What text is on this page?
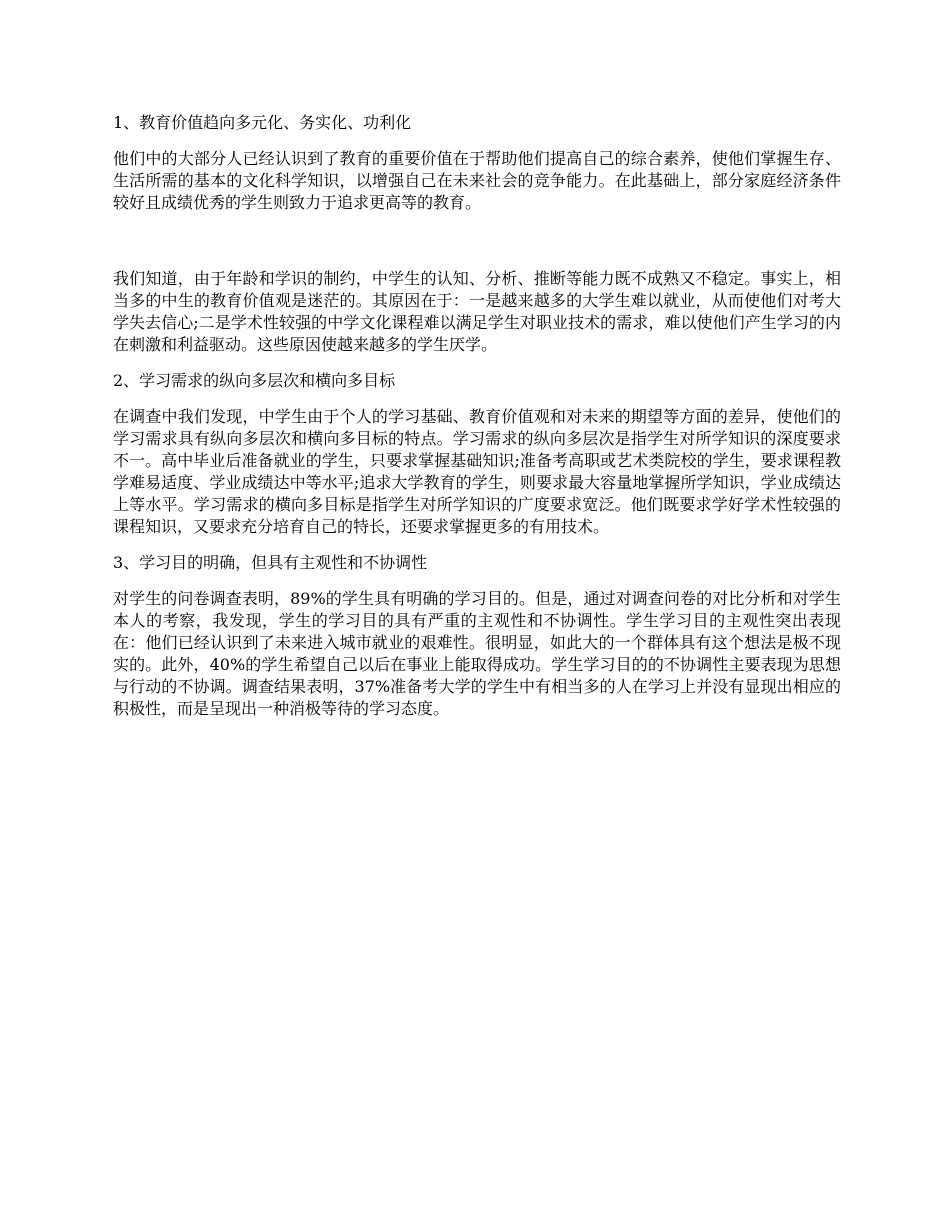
1、教育价值趋向多元化、务实化、功利化
他们中的大部分人已经认识到了教育的重要价值在于帮助他们提高自己的综合素养，使他们掌握生存、生活所需的基本的文化科学知识，以增强自己在未来社会的竞争能力。在此基础上，部分家庭经济条件较好且成绩优秀的学生则致力于追求更高等的教育。
我们知道，由于年龄和学识的制约，中学生的认知、分析、推断等能力既不成熟又不稳定。事实上，相当多的中生的教育价值观是迷茫的。其原因在于：一是越来越多的大学生难以就业，从而使他们对考大学失去信心;二是学术性较强的中学文化课程难以满足学生对职业技术的需求，难以使他们产生学习的内在刺激和利益驱动。这些原因使越来越多的学生厌学。
2、学习需求的纵向多层次和横向多目标
在调查中我们发现，中学生由于个人的学习基础、教育价值观和对未来的期望等方面的差异，使他们的学习需求具有纵向多层次和横向多目标的特点。学习需求的纵向多层次是指学生对所学知识的深度要求不一。高中毕业后准备就业的学生，只要求掌握基础知识;准备考高职或艺术类院校的学生，要求课程教学难易适度、学业成绩达中等水平;追求大学教育的学生，则要求最大容量地掌握所学知识，学业成绩达上等水平。学习需求的横向多目标是指学生对所学知识的广度要求宽泛。他们既要求学好学术性较强的课程知识，又要求充分培育自己的特长，还要求掌握更多的有用技术。
3、学习目的明确，但具有主观性和不协调性
对学生的问卷调查表明，89%的学生具有明确的学习目的。但是，通过对调查问卷的对比分析和对学生本人的考察，我发现，学生的学习目的具有严重的主观性和不协调性。学生学习目的主观性突出表现在：他们已经认识到了未来进入城市就业的艰难性。很明显，如此大的一个群体具有这个想法是极不现实的。此外，40%的学生希望自己以后在事业上能取得成功。学生学习目的的不协调性主要表现为思想与行动的不协调。调查结果表明，37%准备考大学的学生中有相当多的人在学习上并没有显现出相应的积极性，而是呈现出一种消极等待的学习态度。
